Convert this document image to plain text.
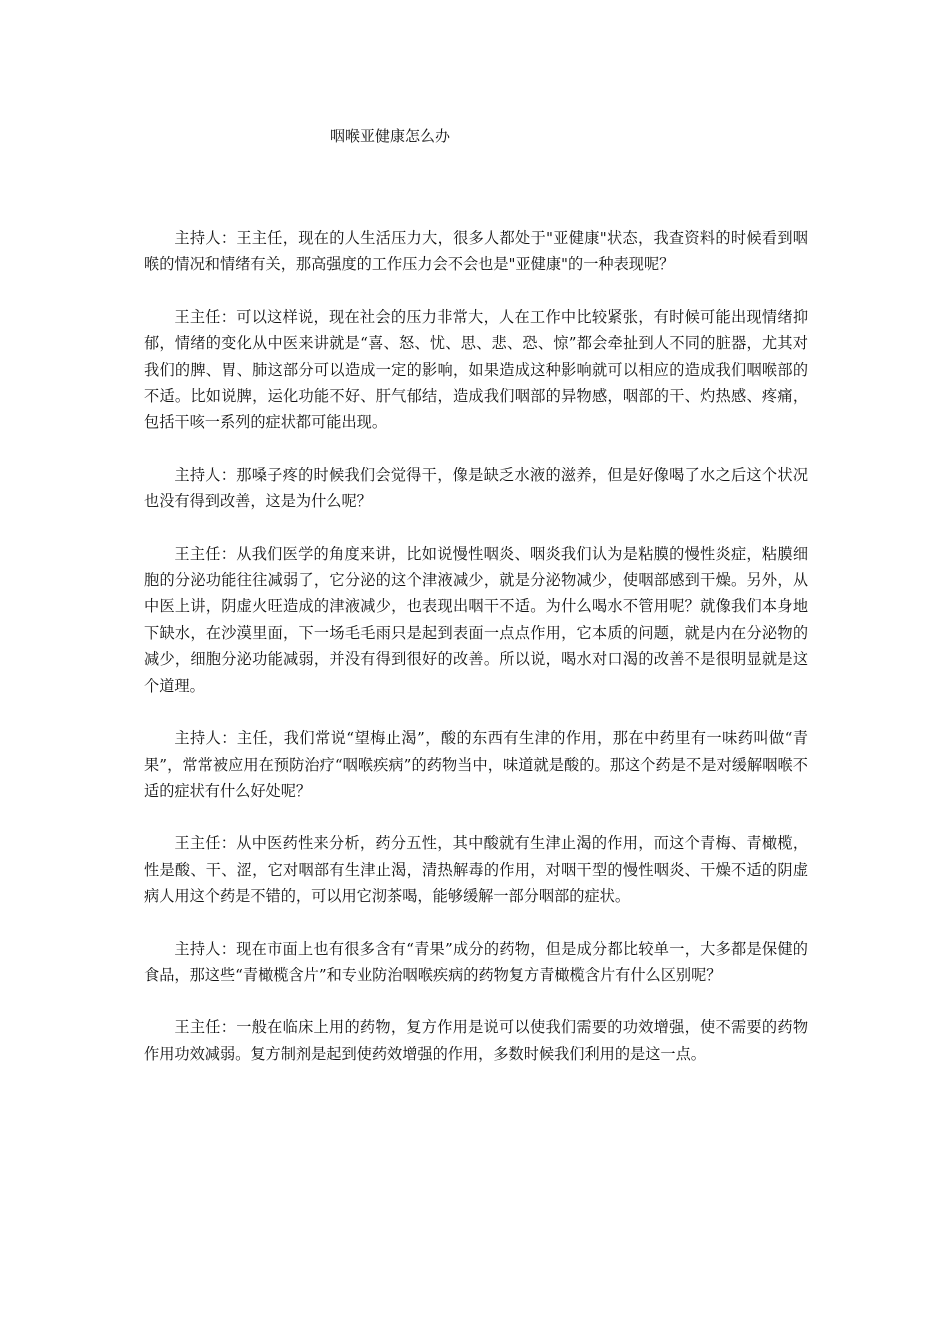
咽喉亚健康怎么办

主持人：王主任，现在的人生活压力大，很多人都处于"亚健康"状态，我查资料的时候看到咽喉的情况和情绪有关，那高强度的工作压力会不会也是"亚健康"的一种表现呢？

王主任：可以这样说，现在社会的压力非常大，人在工作中比较紧张，有时候可能出现情绪抑郁，情绪的变化从中医来讲就是“喜、怒、忧、思、悲、恐、惊”都会牵扯到人不同的脏器，尤其对我们的脾、胃、肺这部分可以造成一定的影响，如果造成这种影响就可以相应的造成我们咽喉部的不适。比如说脾，运化功能不好、肝气郁结，造成我们咽部的异物感，咽部的干、灼热感、疼痛，包括干咳一系列的症状都可能出现。

主持人：那嗓子疼的时候我们会觉得干，像是缺乏水液的滋养，但是好像喝了水之后这个状况也没有得到改善，这是为什么呢？

王主任：从我们医学的角度来讲，比如说慢性咽炎、咽炎我们认为是粘膜的慢性炎症，粘膜细胞的分泌功能往往减弱了，它分泌的这个津液减少，就是分泌物减少，使咽部感到干燥。另外，从中医上讲，阴虚火旺造成的津液减少，也表现出咽干不适。为什么喝水不管用呢？就像我们本身地下缺水，在沙漠里面，下一场毛毛雨只是起到表面一点点作用，它本质的问题，就是内在分泌物的减少，细胞分泌功能减弱，并没有得到很好的改善。所以说，喝水对口渴的改善不是很明显就是这个道理。

主持人：主任，我们常说“望梅止渴”，酸的东西有生津的作用，那在中药里有一味药叫做“青果”，常常被应用在预防治疗“咽喉疾病”的药物当中，味道就是酸的。那这个药是不是对缓解咽喉不适的症状有什么好处呢？

王主任：从中医药性来分析，药分五性，其中酸就有生津止渴的作用，而这个青梅、青橄榄，性是酸、干、涩，它对咽部有生津止渴，清热解毒的作用，对咽干型的慢性咽炎、干燥不适的阴虚病人用这个药是不错的，可以用它沏茶喝，能够缓解一部分咽部的症状。

主持人：现在市面上也有很多含有“青果”成分的药物，但是成分都比较单一，大多都是保健的食品，那这些“青橄榄含片”和专业防治咽喉疾病的药物复方青橄榄含片有什么区别呢？

王主任：一般在临床上用的药物，复方作用是说可以使我们需要的功效增强，使不需要的药物作用功效减弱。复方制剂是起到使药效增强的作用，多数时候我们利用的是这一点。
